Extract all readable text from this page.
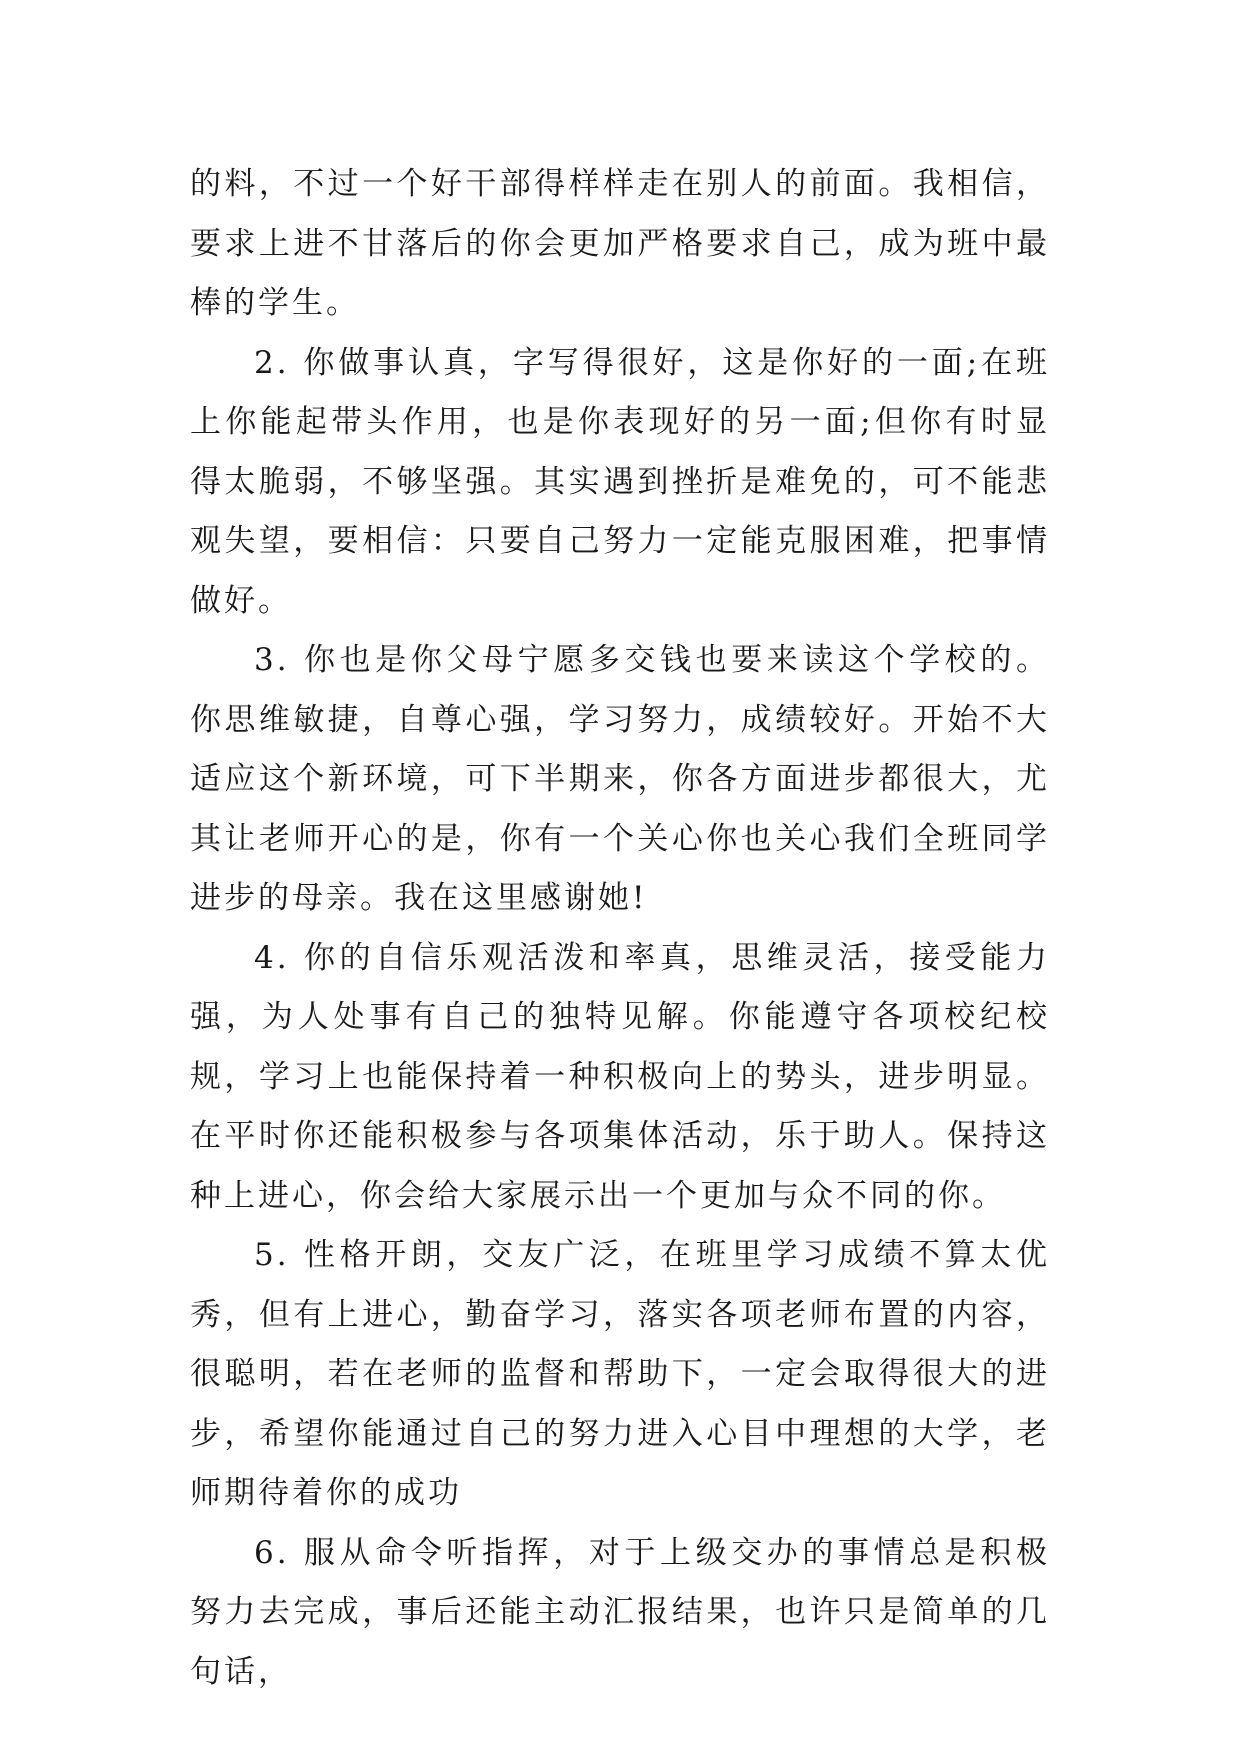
的料，不过一个好干部得样样走在别人的前面。我相信，要求上进不甘落后的你会更加严格要求自己，成为班中最棒的学生。

2. 你做事认真，字写得很好，这是你好的一面;在班上你能起带头作用，也是你表现好的另一面;但你有时显得太脆弱，不够坚强。其实遇到挫折是难免的，可不能悲观失望，要相信：只要自己努力一定能克服困难，把事情做好。

3. 你也是你父母宁愿多交钱也要来读这个学校的。你思维敏捷，自尊心强，学习努力，成绩较好。开始不大适应这个新环境，可下半期来，你各方面进步都很大，尤其让老师开心的是，你有一个关心你也关心我们全班同学进步的母亲。我在这里感谢她!

4. 你的自信乐观活泼和率真，思维灵活，接受能力强，为人处事有自己的独特见解。你能遵守各项校纪校规，学习上也能保持着一种积极向上的势头，进步明显。在平时你还能积极参与各项集体活动，乐于助人。保持这种上进心，你会给大家展示出一个更加与众不同的你。

5. 性格开朗，交友广泛，在班里学习成绩不算太优秀，但有上进心，勤奋学习，落实各项老师布置的内容，很聪明，若在老师的监督和帮助下，一定会取得很大的进步，希望你能通过自己的努力进入心目中理想的大学，老师期待着你的成功

6. 服从命令听指挥，对于上级交办的事情总是积极努力去完成，事后还能主动汇报结果，也许只是简单的几句话，
